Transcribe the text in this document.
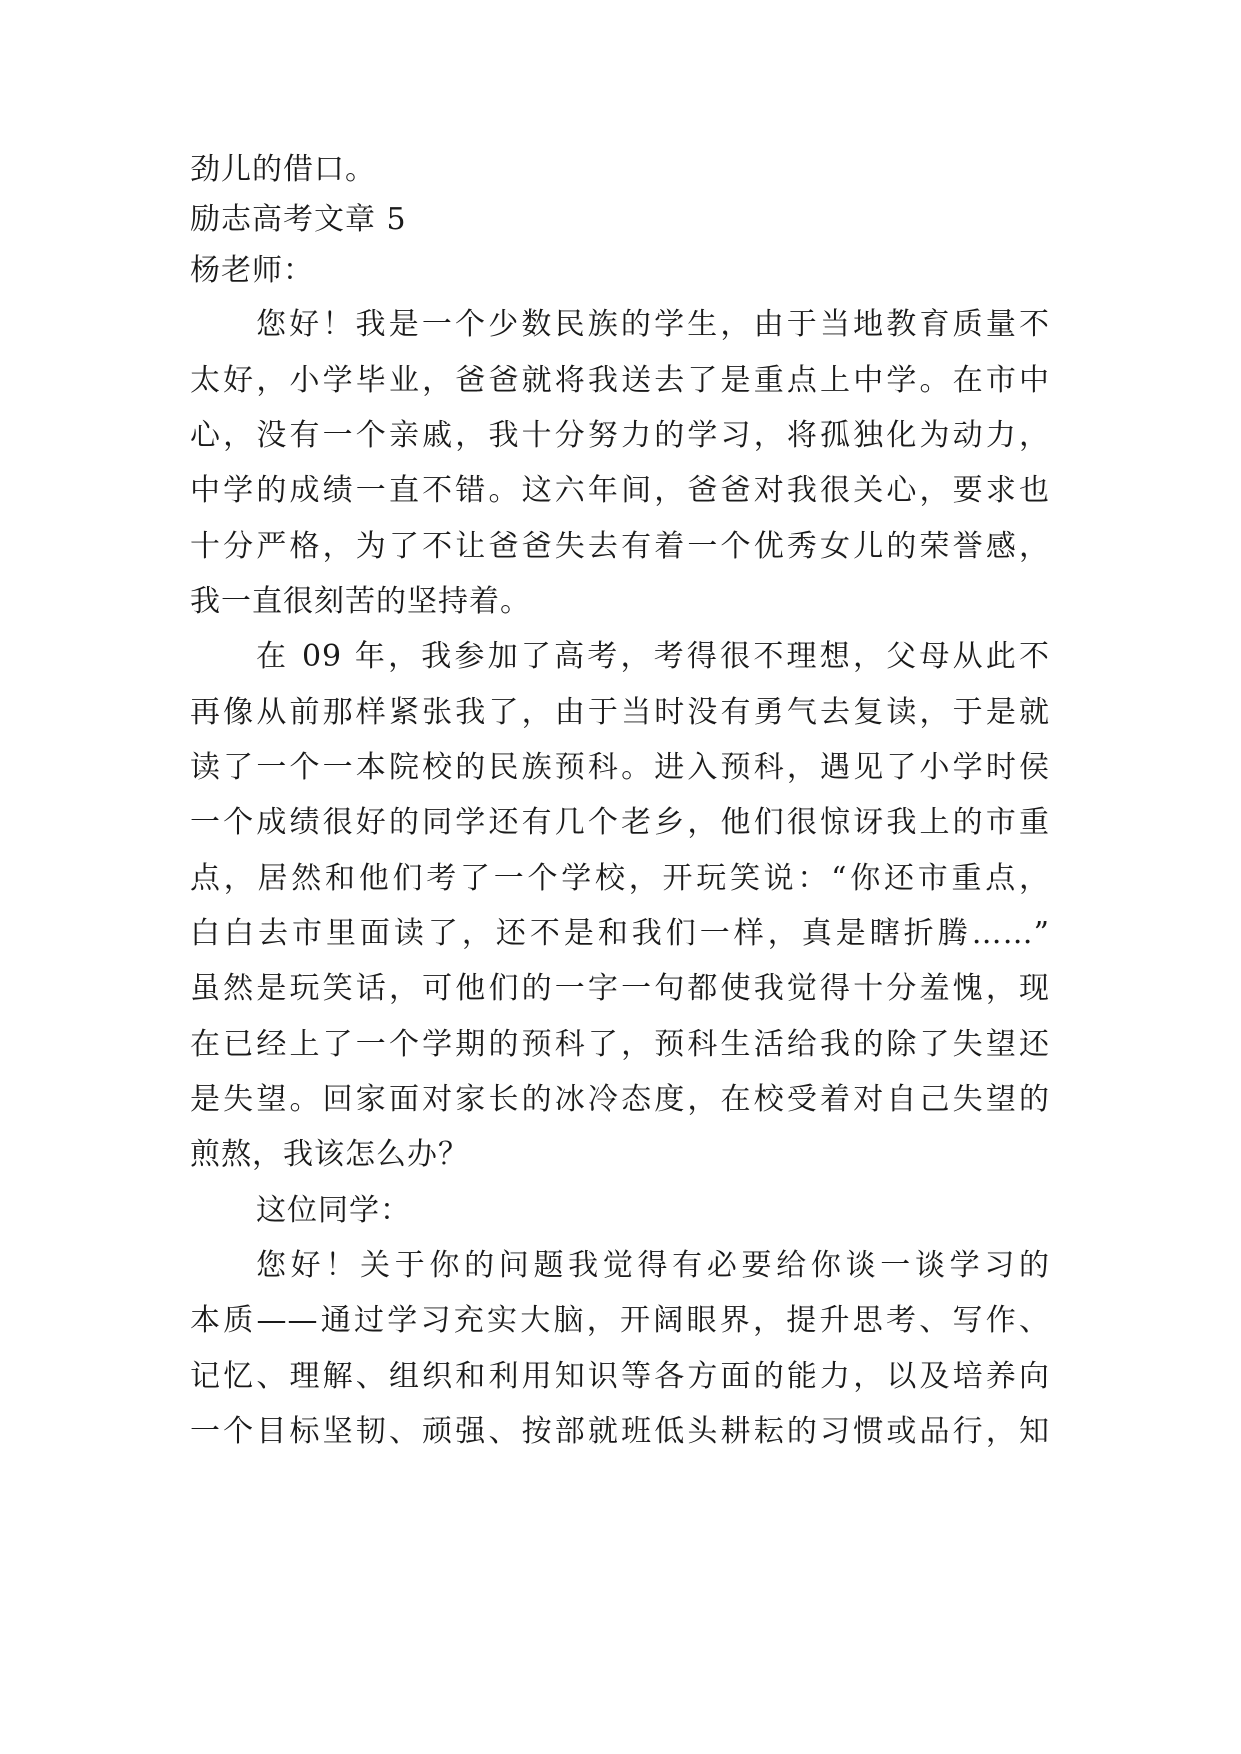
劲儿的借口。
励志高考文章 5
杨老师：
您好！我是一个少数民族的学生，由于当地教育质量不
太好，小学毕业，爸爸就将我送去了是重点上中学。在市中
心，没有一个亲戚，我十分努力的学习，将孤独化为动力，
中学的成绩一直不错。这六年间，爸爸对我很关心，要求也
十分严格，为了不让爸爸失去有着一个优秀女儿的荣誉感，
我一直很刻苦的坚持着。
在 09 年，我参加了高考，考得很不理想，父母从此不
再像从前那样紧张我了，由于当时没有勇气去复读，于是就
读了一个一本院校的民族预科。进入预科，遇见了小学时侯
一个成绩很好的同学还有几个老乡，他们很惊讶我上的市重
点，居然和他们考了一个学校，开玩笑说：“你还市重点，
白白去市里面读了，还不是和我们一样，真是瞎折腾……”
虽然是玩笑话，可他们的一字一句都使我觉得十分羞愧，现
在已经上了一个学期的预科了，预科生活给我的除了失望还
是失望。回家面对家长的冰冷态度，在校受着对自己失望的
煎熬，我该怎么办？
这位同学：
您好！关于你的问题我觉得有必要给你谈一谈学习的
本质——通过学习充实大脑，开阔眼界，提升思考、写作、
记忆、理解、组织和利用知识等各方面的能力，以及培养向
一个目标坚韧、顽强、按部就班低头耕耘的习惯或品行，知
